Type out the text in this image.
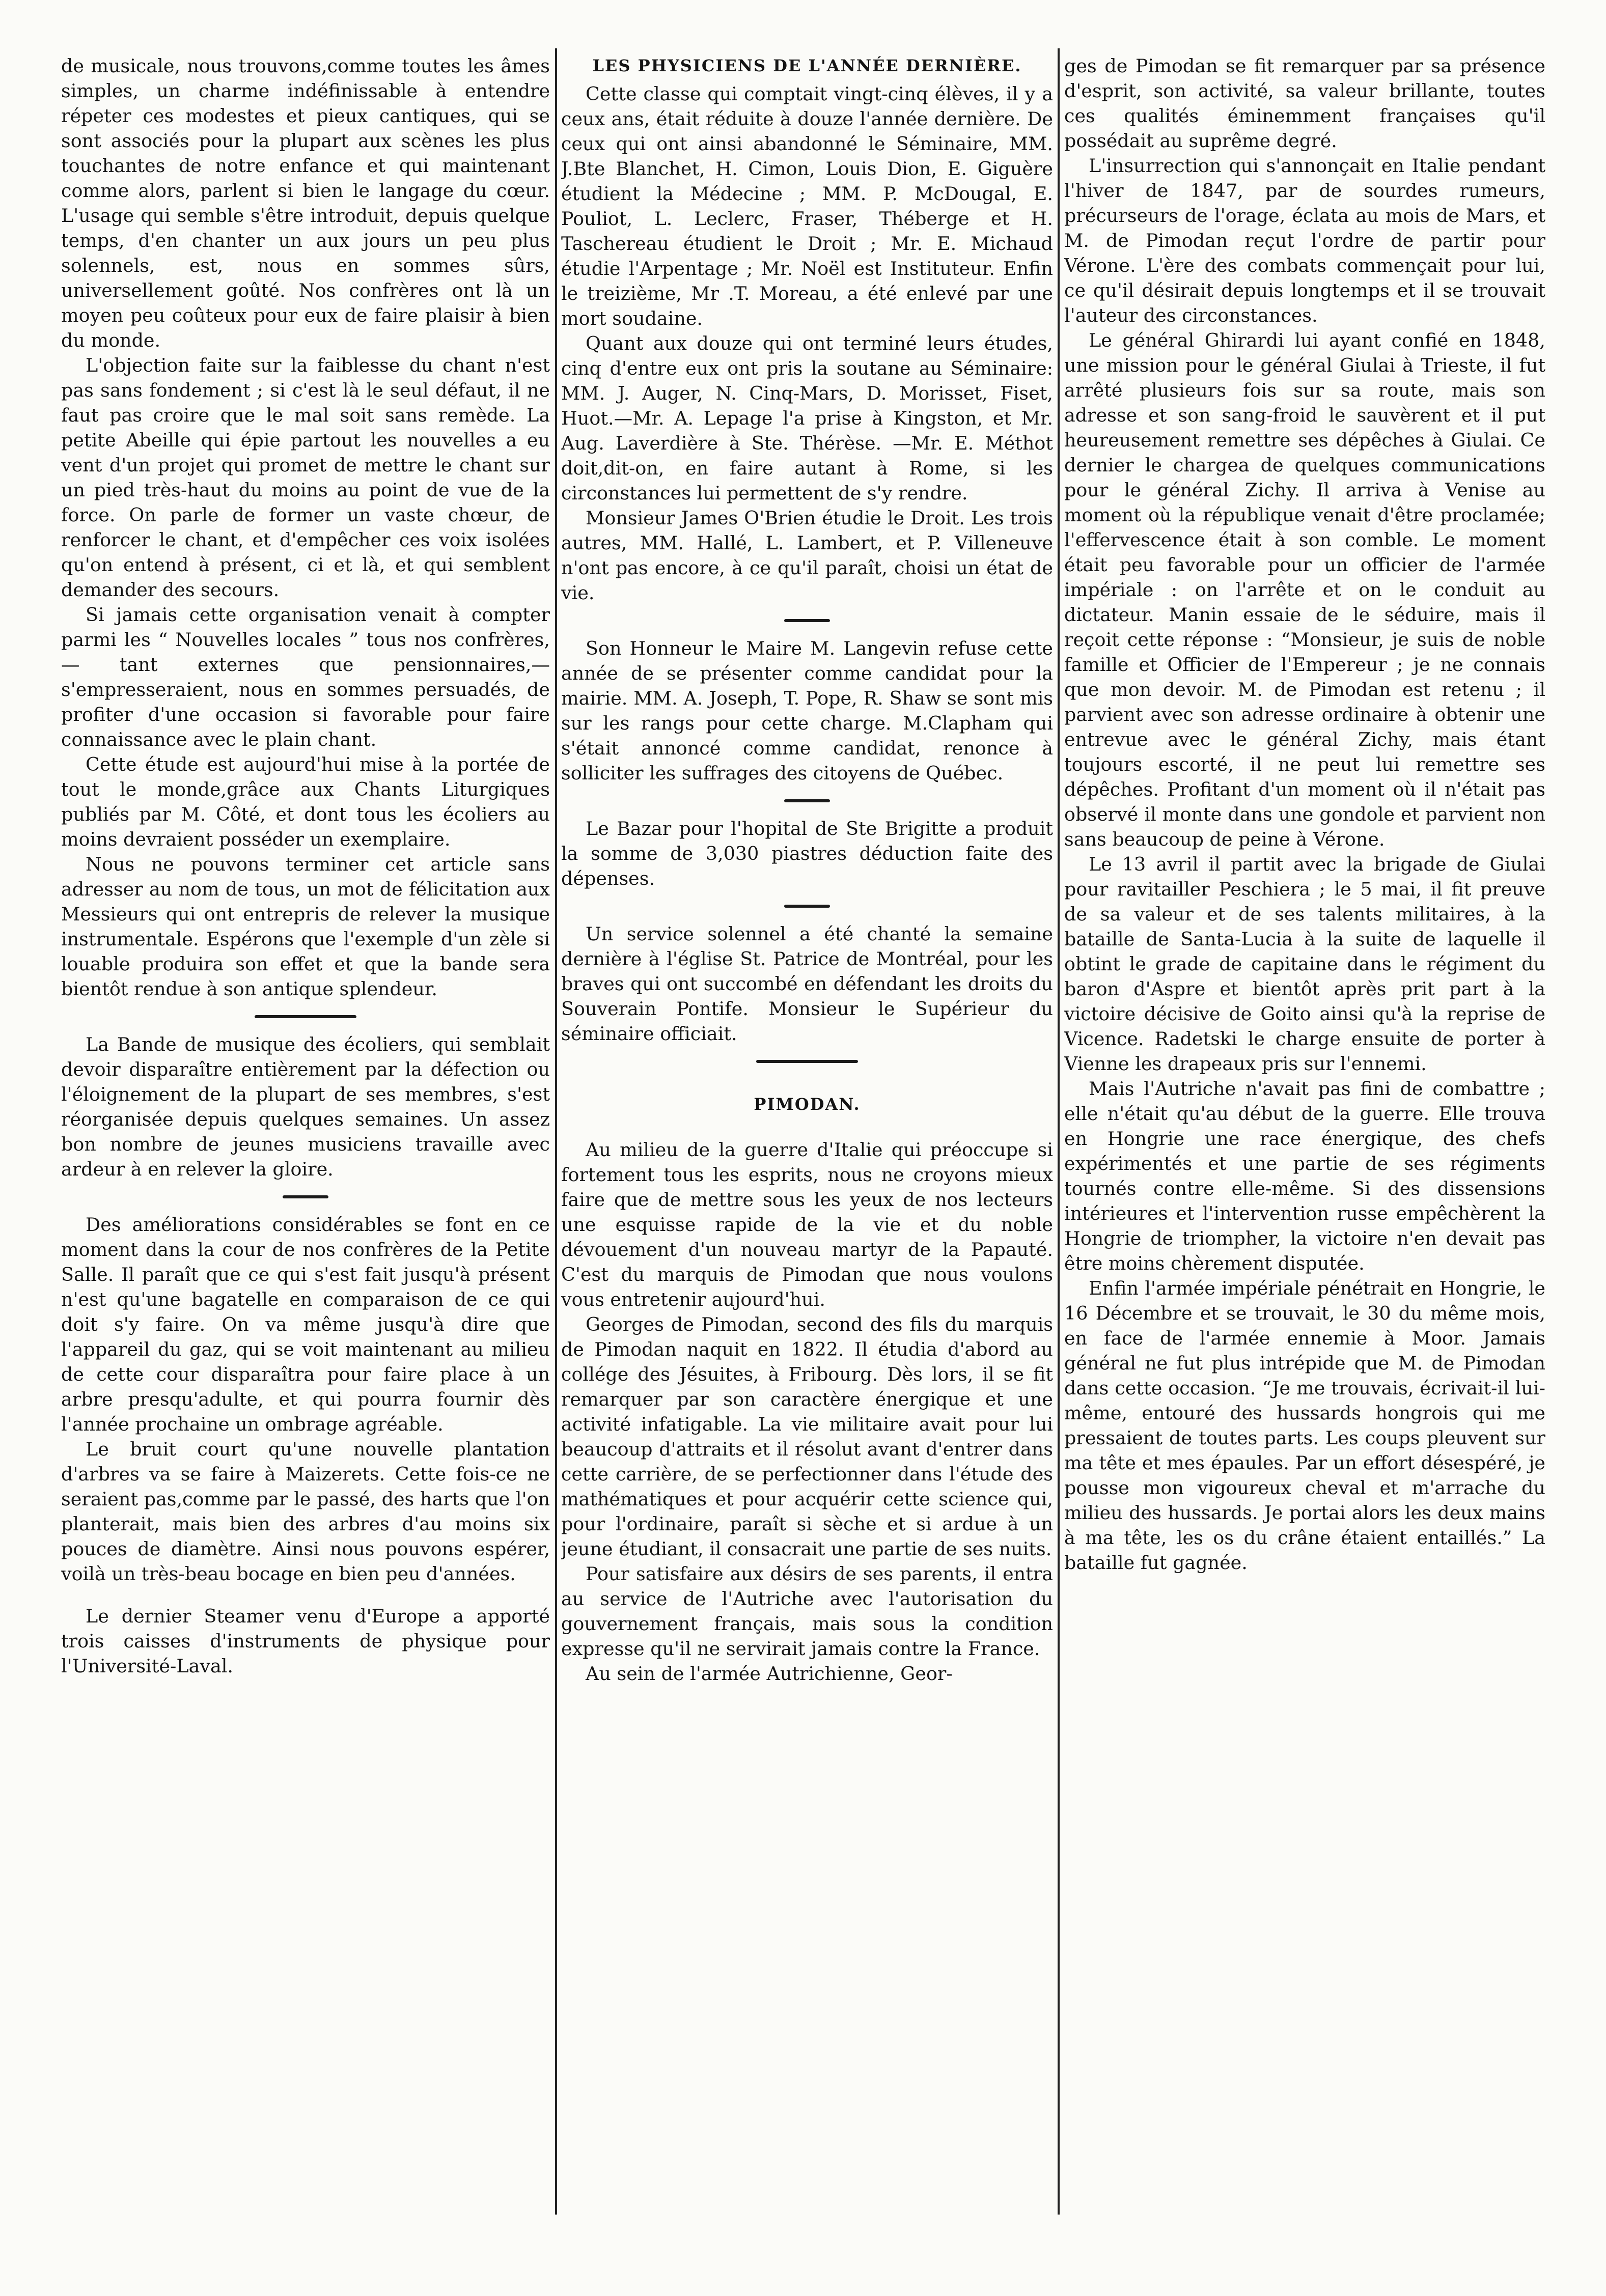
de musicale, nous trouvons,comme toutes les âmes simples, un charme indéfinissable à entendre répeter ces modestes et pieux cantiques, qui se sont associés pour la plupart aux scènes les plus touchantes de notre enfance et qui maintenant comme alors, parlent si bien le langage du cœur. L'usage qui semble s'être introduit, depuis quelque temps, d'en chanter un aux jours un peu plus solennels, est, nous en sommes sûrs, universellement goûté. Nos confrères ont là un moyen peu coûteux pour eux de faire plaisir à bien du monde.

L'objection faite sur la faiblesse du chant n'est pas sans fondement ; si c'est là le seul défaut, il ne faut pas croire que le mal soit sans remède. La petite Abeille qui épie partout les nouvelles a eu vent d'un projet qui promet de mettre le chant sur un pied très-haut du moins au point de vue de la force. On parle de former un vaste chœur, de renforcer le chant, et d'empêcher ces voix isolées qu'on entend à présent, ci et là, et qui semblent demander des secours.

Si jamais cette organisation venait à compter parmi les “ Nouvelles locales ” tous nos confrères,— tant externes que pensionnaires,—s'empresseraient, nous en sommes persuadés, de profiter d'une occasion si favorable pour faire connaissance avec le plain chant.

Cette étude est aujourd'hui mise à la portée de tout le monde,grâce aux Chants Liturgiques publiés par M. Côté, et dont tous les écoliers au moins devraient posséder un exemplaire.

Nous ne pouvons terminer cet article sans adresser au nom de tous, un mot de félicitation aux Messieurs qui ont entrepris de relever la musique instrumentale. Espérons que l'exemple d'un zèle si louable produira son effet et que la bande sera bientôt rendue à son antique splendeur.

La Bande de musique des écoliers, qui semblait devoir disparaître entièrement par la défection ou l'éloignement de la plupart de ses membres, s'est réorganisée depuis quelques semaines. Un assez bon nombre de jeunes musiciens travaille avec ardeur à en relever la gloire.

Des améliorations considérables se font en ce moment dans la cour de nos confrères de la Petite Salle. Il paraît que ce qui s'est fait jusqu'à présent n'est qu'une bagatelle en comparaison de ce qui doit s'y faire. On va même jusqu'à dire que l'appareil du gaz, qui se voit maintenant au milieu de cette cour disparaîtra pour faire place à un arbre presqu'adulte, et qui pourra fournir dès l'année prochaine un ombrage agréable.

Le bruit court qu'une nouvelle plantation d'arbres va se faire à Maizerets. Cette fois-ce ne seraient pas,comme par le passé, des harts que l'on planterait, mais bien des arbres d'au moins six pouces de diamètre. Ainsi nous pouvons espérer, voilà un très-beau bocage en bien peu d'années.

Le dernier Steamer venu d'Europe a apporté trois caisses d'instruments de physique pour l'Université-Laval.

LES PHYSICIENS DE L'ANNÉE DERNIÈRE.

Cette classe qui comptait vingt-cinq élèves, il y a ceux ans, était réduite à douze l'année dernière. De ceux qui ont ainsi abandonné le Séminaire, MM. J.Bte Blanchet, H. Cimon, Louis Dion, E. Giguère étudient la Médecine ; MM. P. McDougal, E. Pouliot, L. Leclerc, Fraser, Théberge et H. Taschereau étudient le Droit ; Mr. E. Michaud étudie l'Arpentage ; Mr. Noël est Instituteur. Enfin le treizième, Mr .T. Moreau, a été enlevé par une mort soudaine.

Quant aux douze qui ont terminé leurs études, cinq d'entre eux ont pris la soutane au Séminaire: MM. J. Auger, N. Cinq-Mars, D. Morisset, Fiset, Huot.—Mr. A. Lepage l'a prise à Kingston, et Mr. Aug. Laverdière à Ste. Thérèse. —Mr. E. Méthot doit,dit-on, en faire autant à Rome, si les circonstances lui permettent de s'y rendre.

Monsieur James O'Brien étudie le Droit. Les trois autres, MM. Hallé, L. Lambert, et P. Villeneuve n'ont pas encore, à ce qu'il paraît, choisi un état de vie.

Son Honneur le Maire M. Langevin refuse cette année de se présenter comme candidat pour la mairie. MM. A. Joseph, T. Pope, R. Shaw se sont mis sur les rangs pour cette charge. M.Clapham qui s'était annoncé comme candidat, renonce à solliciter les suffrages des citoyens de Québec.

Le Bazar pour l'hopital de Ste Brigitte a produit la somme de 3,030 piastres déduction faite des dépenses.

Un service solennel a été chanté la semaine dernière à l'église St. Patrice de Montréal, pour les braves qui ont succombé en défendant les droits du Souverain Pontife. Monsieur le Supérieur du séminaire officiait.

PIMODAN.

Au milieu de la guerre d'Italie qui préoccupe si fortement tous les esprits, nous ne croyons mieux faire que de mettre sous les yeux de nos lecteurs une esquisse rapide de la vie et du noble dévouement d'un nouveau martyr de la Papauté. C'est du marquis de Pimodan que nous voulons vous entretenir aujourd'hui.

Georges de Pimodan, second des fils du marquis de Pimodan naquit en 1822. Il étudia d'abord au collége des Jésuites, à Fribourg. Dès lors, il se fit remarquer par son caractère énergique et une activité infatigable. La vie militaire avait pour lui beaucoup d'attraits et il résolut avant d'entrer dans cette carrière, de se perfectionner dans l'étude des mathématiques et pour acquérir cette science qui, pour l'ordinaire, paraît si sèche et si ardue à un jeune étudiant, il consacrait une partie de ses nuits.

Pour satisfaire aux désirs de ses parents, il entra au service de l'Autriche avec l'autorisation du gouvernement français, mais sous la condition expresse qu'il ne servirait jamais contre la France.

Au sein de l'armée Autrichienne, Geor-

ges de Pimodan se fit remarquer par sa présence d'esprit, son activité, sa valeur brillante, toutes ces qualités éminemment françaises qu'il possédait au suprême degré.

L'insurrection qui s'annonçait en Italie pendant l'hiver de 1847, par de sourdes rumeurs, précurseurs de l'orage, éclata au mois de Mars, et M. de Pimodan reçut l'ordre de partir pour Vérone. L'ère des combats commençait pour lui, ce qu'il désirait depuis longtemps et il se trouvait l'auteur des circonstances.

Le général Ghirardi lui ayant confié en 1848, une mission pour le général Giulai à Trieste, il fut arrêté plusieurs fois sur sa route, mais son adresse et son sang-froid le sauvèrent et il put heureusement remettre ses dépêches à Giulai. Ce dernier le chargea de quelques communications pour le général Zichy. Il arriva à Venise au moment où la république venait d'être proclamée; l'effervescence était à son comble. Le moment était peu favorable pour un officier de l'armée impériale : on l'arrête et on le conduit au dictateur. Manin essaie de le séduire, mais il reçoit cette réponse : “Monsieur, je suis de noble famille et Officier de l'Empereur ; je ne connais que mon devoir. M. de Pimodan est retenu ; il parvient avec son adresse ordinaire à obtenir une entrevue avec le général Zichy, mais étant toujours escorté, il ne peut lui remettre ses dépêches. Profitant d'un moment où il n'était pas observé il monte dans une gondole et parvient non sans beaucoup de peine à Vérone.

Le 13 avril il partit avec la brigade de Giulai pour ravitailler Peschiera ; le 5 mai, il fit preuve de sa valeur et de ses talents militaires, à la bataille de Santa-Lucia à la suite de laquelle il obtint le grade de capitaine dans le régiment du baron d'Aspre et bientôt après prit part à la victoire décisive de Goito ainsi qu'à la reprise de Vicence. Radetski le charge ensuite de porter à Vienne les drapeaux pris sur l'ennemi.

Mais l'Autriche n'avait pas fini de combattre ; elle n'était qu'au début de la guerre. Elle trouva en Hongrie une race énergique, des chefs expérimentés et une partie de ses régiments tournés contre elle-même. Si des dissensions intérieures et l'intervention russe empêchèrent la Hongrie de triompher, la victoire n'en devait pas être moins chèrement disputée.

Enfin l'armée impériale pénétrait en Hongrie, le 16 Décembre et se trouvait, le 30 du même mois, en face de l'armée ennemie à Moor. Jamais général ne fut plus intrépide que M. de Pimodan dans cette occasion. “Je me trouvais, écrivait-il lui-même, entouré des hussards hongrois qui me pressaient de toutes parts. Les coups pleuvent sur ma tête et mes épaules. Par un effort désespéré, je pousse mon vigoureux cheval et m'arrache du milieu des hussards. Je portai alors les deux mains à ma tête, les os du crâne étaient entaillés.” La bataille fut gagnée.
